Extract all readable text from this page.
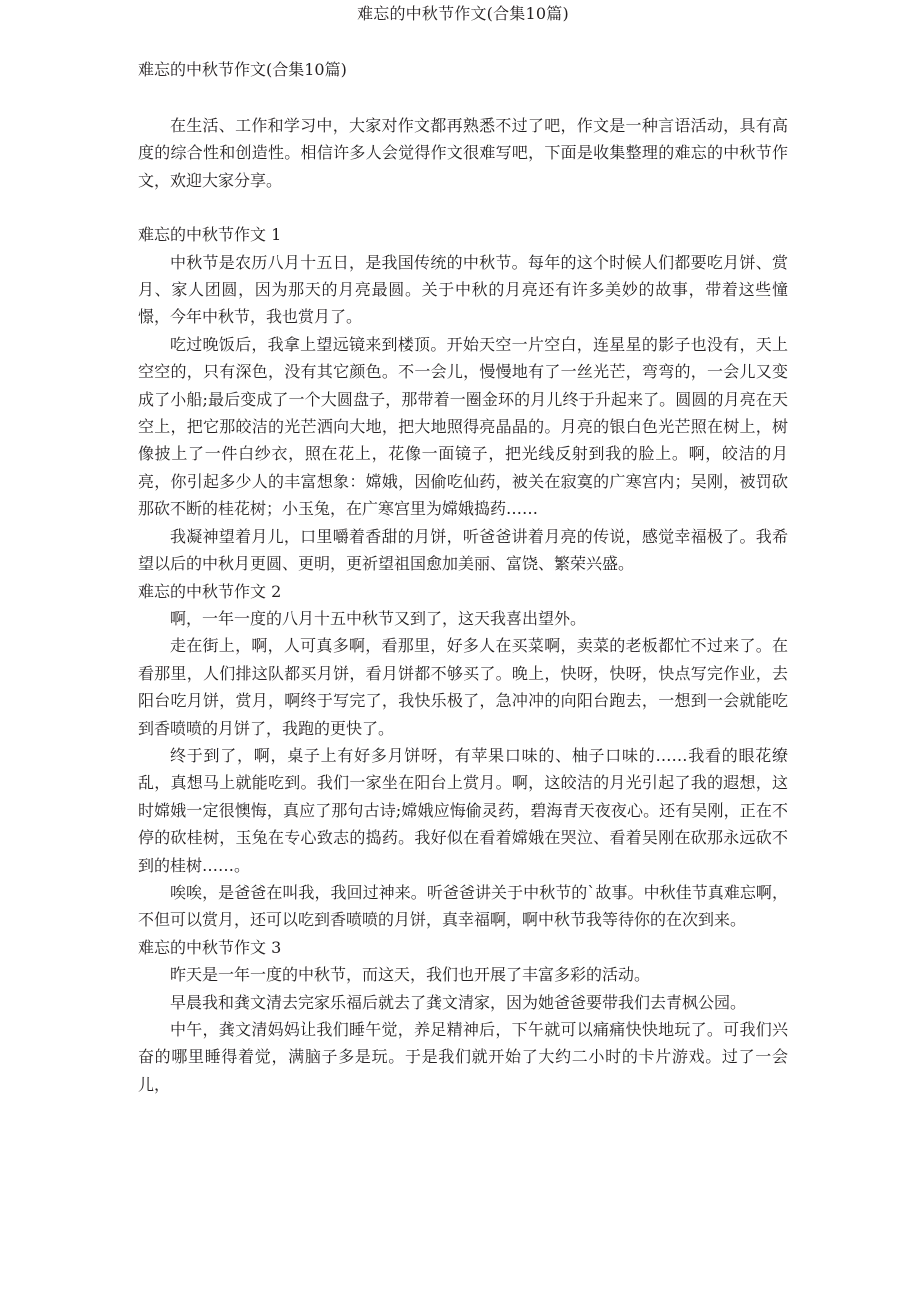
难忘的中秋节作文(合集10篇)
难忘的中秋节作文(合集10篇)

在生活、工作和学习中，大家对作文都再熟悉不过了吧，作文是一种言语活动，具有高度的综合性和创造性。相信许多人会觉得作文很难写吧，下面是收集整理的难忘的中秋节作文，欢迎大家分享。

难忘的中秋节作文 1

中秋节是农历八月十五日，是我国传统的中秋节。每年的这个时候人们都要吃月饼、赏月、家人团圆，因为那天的月亮最圆。关于中秋的月亮还有许多美妙的故事，带着这些憧憬，今年中秋节，我也赏月了。

吃过晚饭后，我拿上望远镜来到楼顶。开始天空一片空白，连星星的影子也没有，天上空空的，只有深色，没有其它颜色。不一会儿，慢慢地有了一丝光芒，弯弯的，一会儿又变成了小船;最后变成了一个大圆盘子，那带着一圈金环的月儿终于升起来了。圆圆的月亮在天空上，把它那皎洁的光芒洒向大地，把大地照得亮晶晶的。月亮的银白色光芒照在树上，树像披上了一件白纱衣，照在花上，花像一面镜子，把光线反射到我的脸上。啊，皎洁的月亮，你引起多少人的丰富想象：嫦娥，因偷吃仙药，被关在寂寞的广寒宫内；吴刚，被罚砍那砍不断的桂花树；小玉兔，在广寒宫里为嫦娥捣药……

我凝神望着月儿，口里嚼着香甜的月饼，听爸爸讲着月亮的传说，感觉幸福极了。我希望以后的中秋月更圆、更明，更祈望祖国愈加美丽、富饶、繁荣兴盛。

难忘的中秋节作文 2

啊，一年一度的八月十五中秋节又到了，这天我喜出望外。

走在街上，啊，人可真多啊，看那里，好多人在买菜啊，卖菜的老板都忙不过来了。在看那里，人们排这队都买月饼，看月饼都不够买了。晚上，快呀，快呀，快点写完作业，去阳台吃月饼，赏月，啊终于写完了，我快乐极了，急冲冲的向阳台跑去，一想到一会就能吃到香喷喷的月饼了，我跑的更快了。

终于到了，啊，桌子上有好多月饼呀，有苹果口味的、柚子口味的……我看的眼花缭乱，真想马上就能吃到。我们一家坐在阳台上赏月。啊，这皎洁的月光引起了我的遐想，这时嫦娥一定很懊悔，真应了那句古诗;嫦娥应悔偷灵药，碧海青天夜夜心。还有吴刚，正在不停的砍桂树，玉兔在专心致志的捣药。我好似在看着嫦娥在哭泣、看着吴刚在砍那永远砍不到的桂树……。

唉唉，是爸爸在叫我，我回过神来。听爸爸讲关于中秋节的`故事。中秋佳节真难忘啊，不但可以赏月，还可以吃到香喷喷的月饼，真幸福啊，啊中秋节我等待你的在次到来。

难忘的中秋节作文 3

昨天是一年一度的中秋节，而这天，我们也开展了丰富多彩的活动。

早晨我和龚文清去完家乐福后就去了龚文清家，因为她爸爸要带我们去青枫公园。

中午，龚文清妈妈让我们睡午觉，养足精神后，下午就可以痛痛快快地玩了。可我们兴奋的哪里睡得着觉，满脑子多是玩。于是我们就开始了大约二小时的卡片游戏。过了一会儿，
